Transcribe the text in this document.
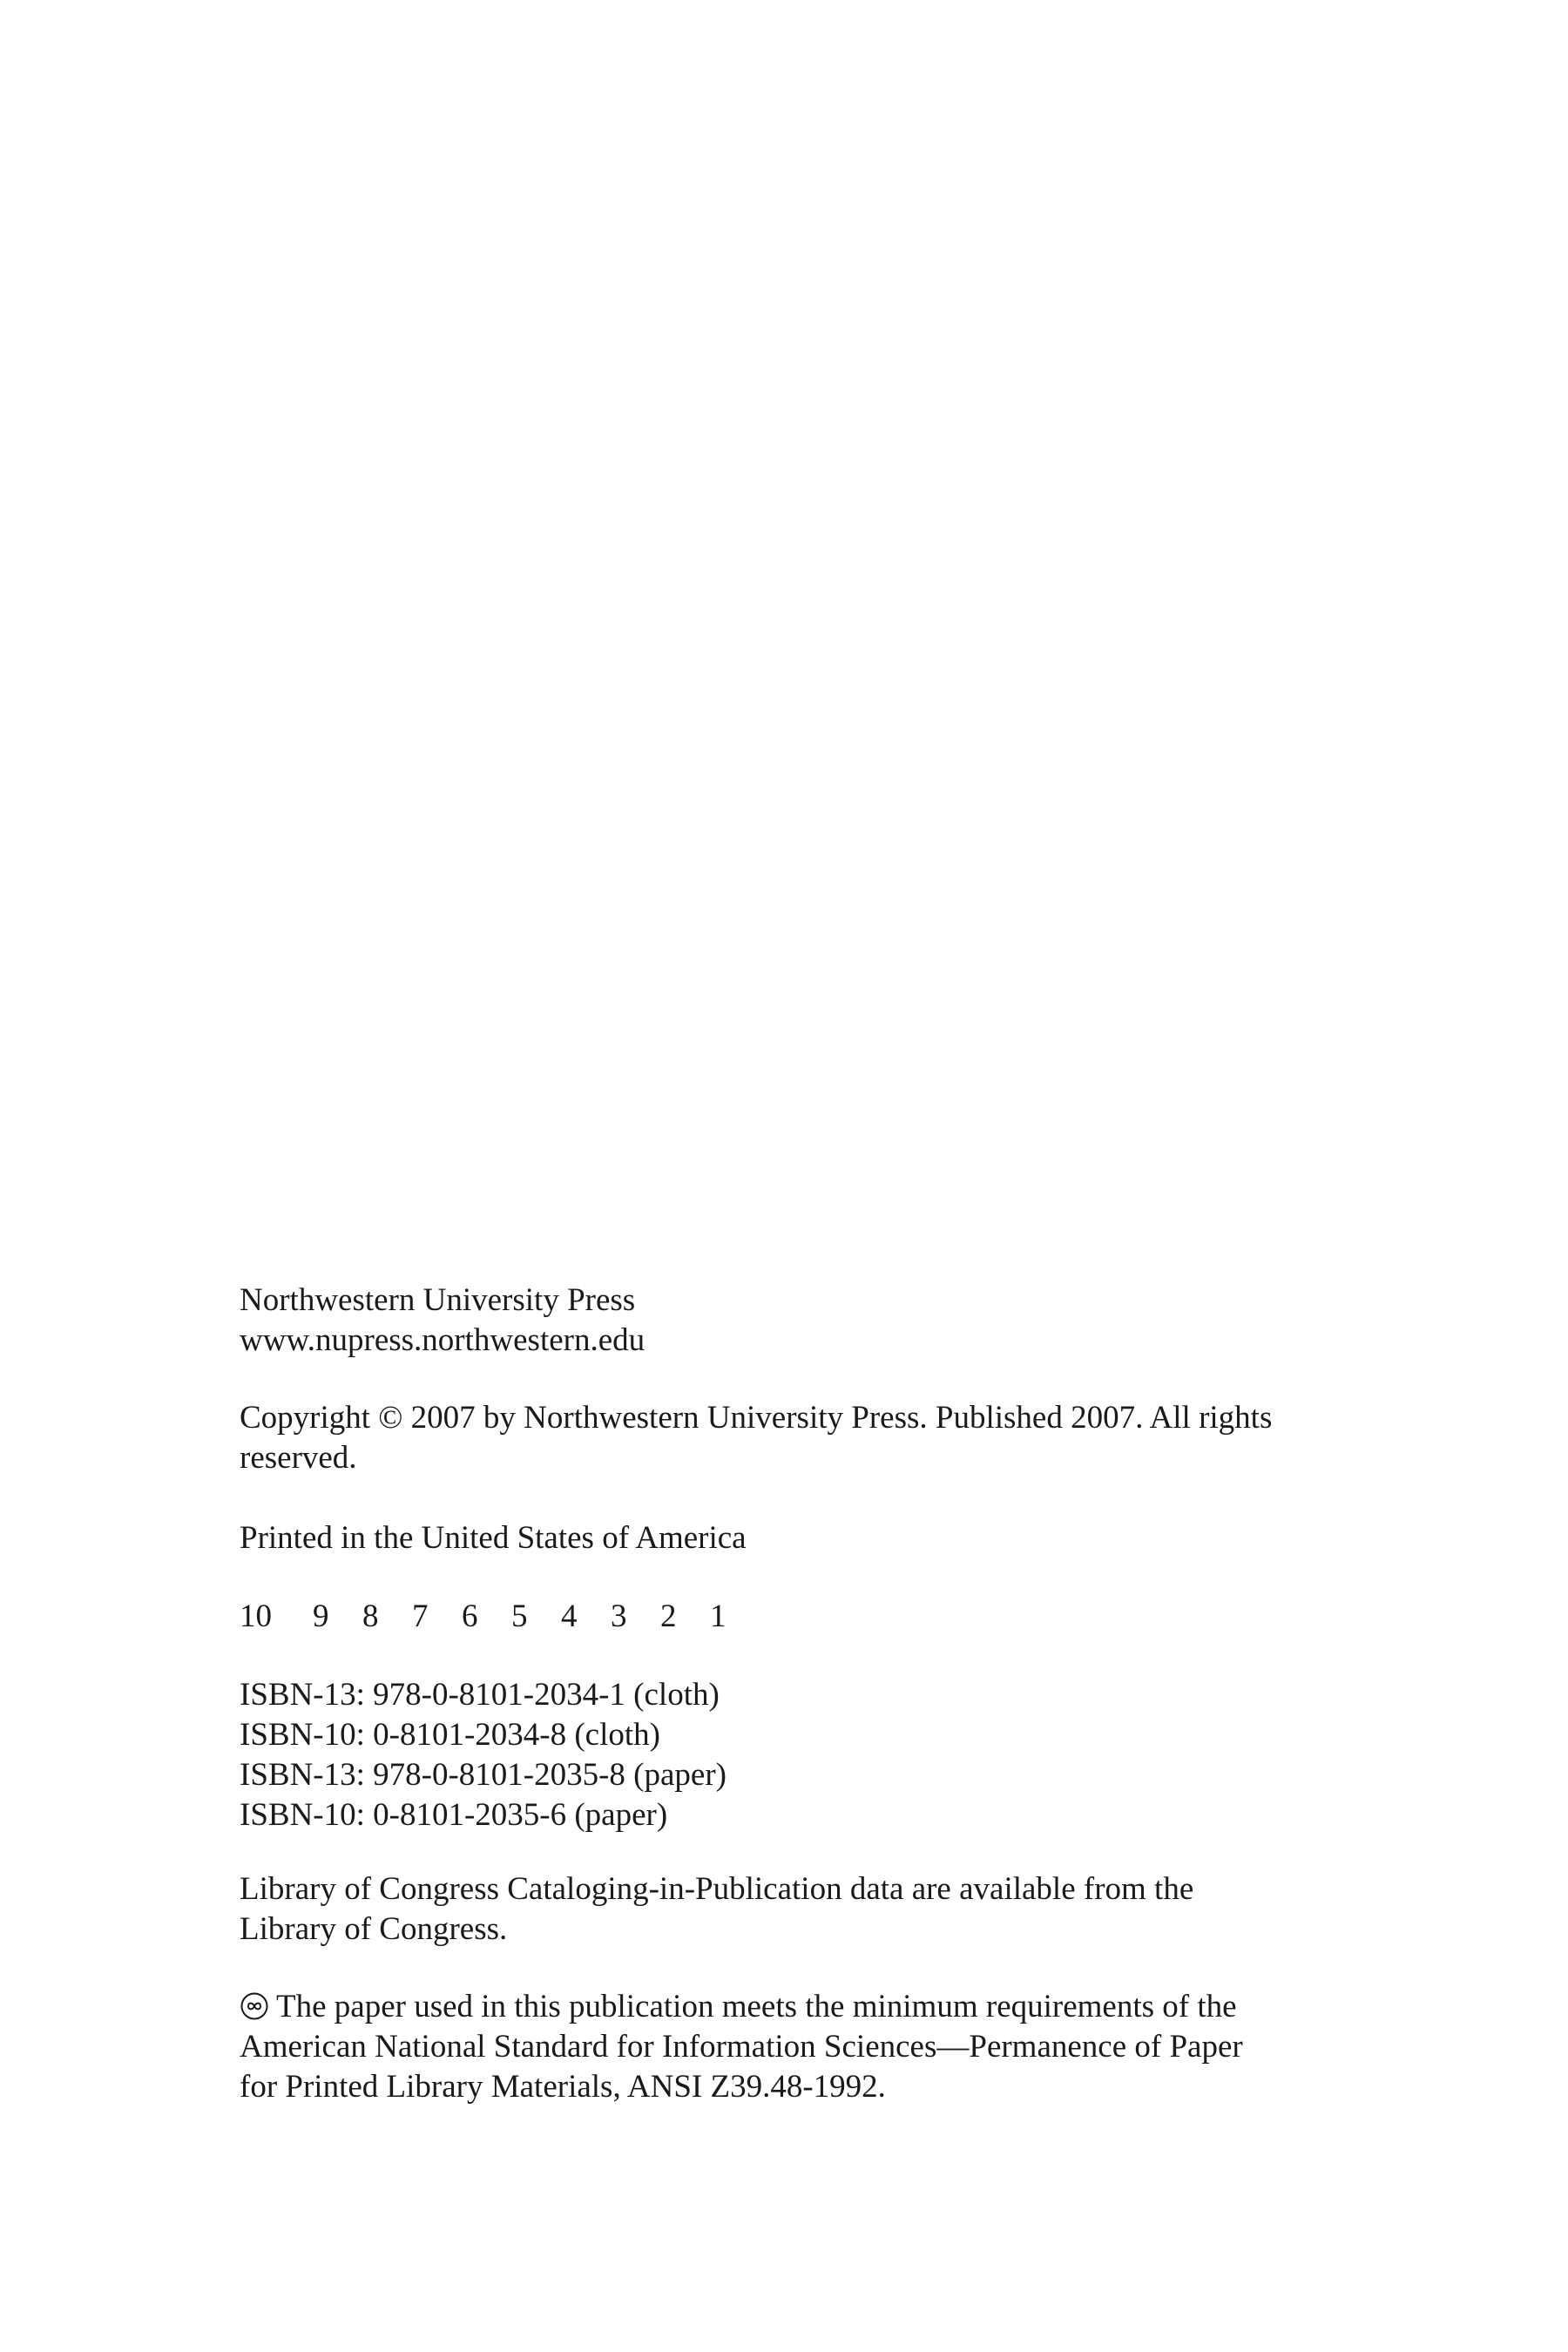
Northwestern University Press

www.nupress.northwestern.edu

Copyright © 2007 by Northwestern University Press. Published 2007. All rights

reserved.

Printed in the United States of America

10	9	8	7	6	5	4	3	2	1

ISBN-13: 978-0-8101-2034-1 (cloth)

ISBN-10: 0-8101-2034-8 (cloth)

ISBN-13: 978-0-8101-2035-8 (paper)

ISBN-10: 0-8101-2035-6 (paper)

Library of Congress Cataloging-in-Publication data are available from the

Library of Congress.

The paper used in this publication meets the minimum requirements of the

American National Standard for Information Sciences—Permanence of Paper

for Printed Library Materials, ANSI Z39.48-1992.
